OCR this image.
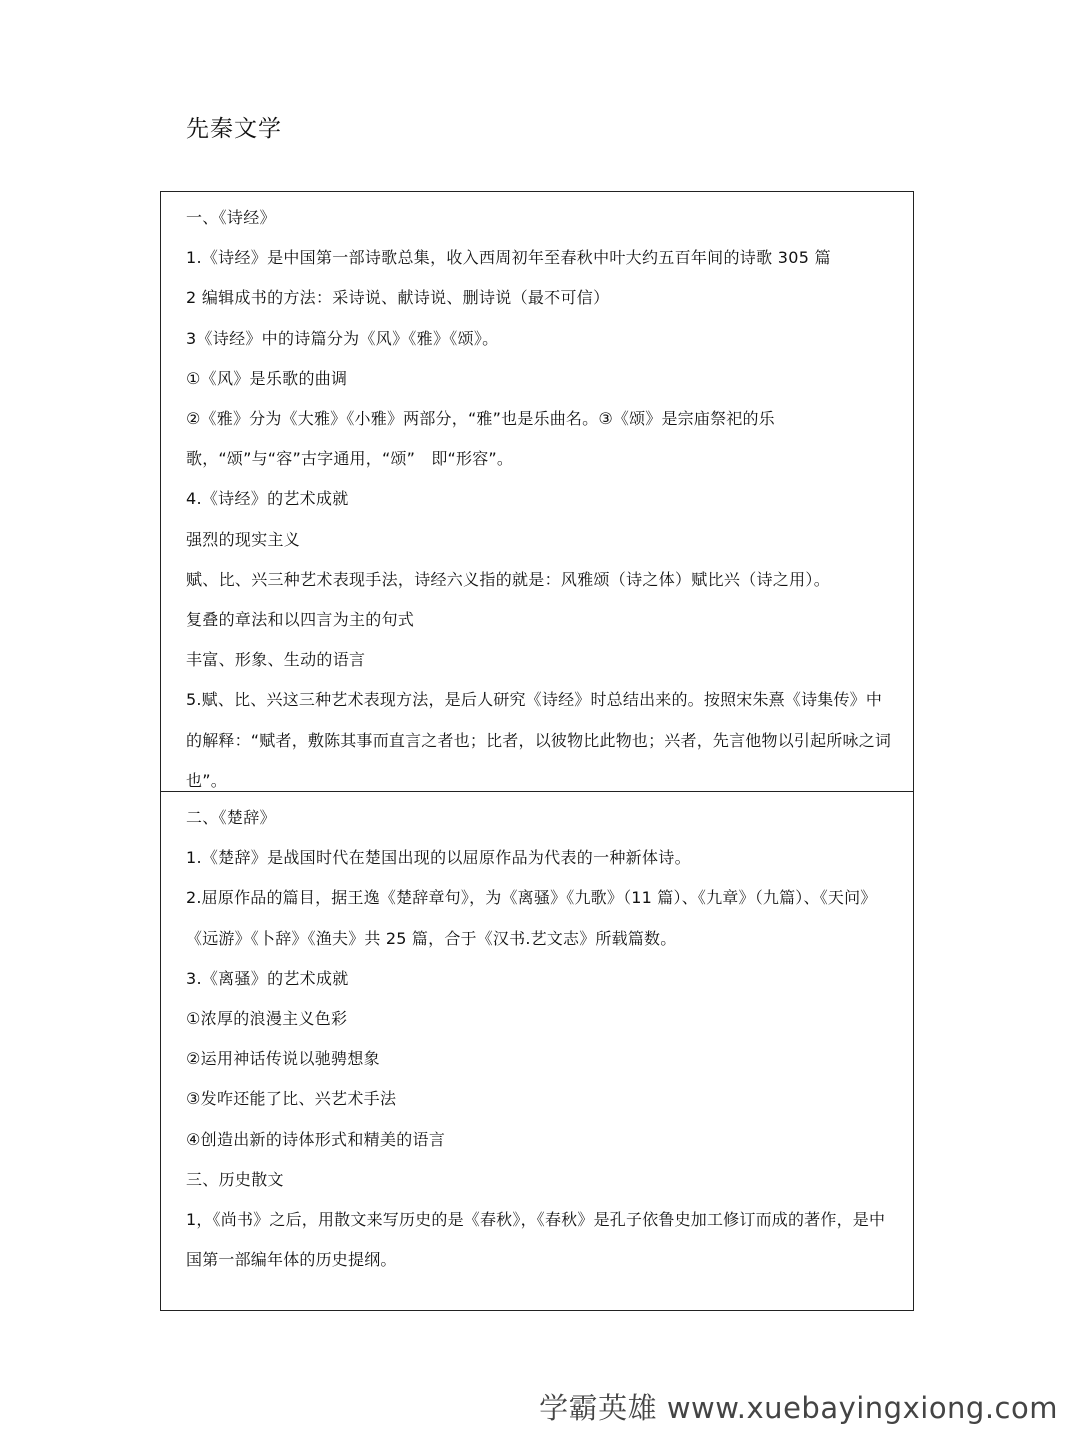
先秦文学

一、《诗经》

1.《诗经》是中国第一部诗歌总集，收入西周初年至春秋中叶大约五百年间的诗歌 305 篇

2 编辑成书的方法：采诗说、献诗说、删诗说（最不可信）

3《诗经》中的诗篇分为《风》《雅》《颂》。

①《风》是乐歌的曲调

②《雅》分为《大雅》《小雅》两部分，“雅”也是乐曲名。③《颂》是宗庙祭祀的乐歌，“颂”与“容”古字通用，“颂”　即“形容”。

4.《诗经》的艺术成就

强烈的现实主义

赋、比、兴三种艺术表现手法，诗经六义指的就是：风雅颂（诗之体）赋比兴（诗之用）。

复叠的章法和以四言为主的句式

丰富、形象、生动的语言

5.赋、比、兴这三种艺术表现方法，是后人研究《诗经》时总结出来的。按照宋朱熹《诗集传》中的解释：“赋者，敷陈其事而直言之者也；比者，以彼物比此物也；兴者，先言他物以引起所咏之词也”。

二、《楚辞》

1.《楚辞》是战国时代在楚国出现的以屈原作品为代表的一种新体诗。

2.屈原作品的篇目，据王逸《楚辞章句》，为《离骚》《九歌》（11 篇）、《九章》（九篇）、《天问》《远游》《卜辞》《渔夫》共 25 篇，合于《汉书.艺文志》所载篇数。

3.《离骚》的艺术成就

①浓厚的浪漫主义色彩

②运用神话传说以驰骋想象

③发咋还能了比、兴艺术手法

④创造出新的诗体形式和精美的语言

三、历史散文

1，《尚书》之后，用散文来写历史的是《春秋》，《春秋》是孔子依鲁史加工修订而成的著作，是中国第一部编年体的历史提纲。

学霸英雄 www.xuebayingxiong.com
